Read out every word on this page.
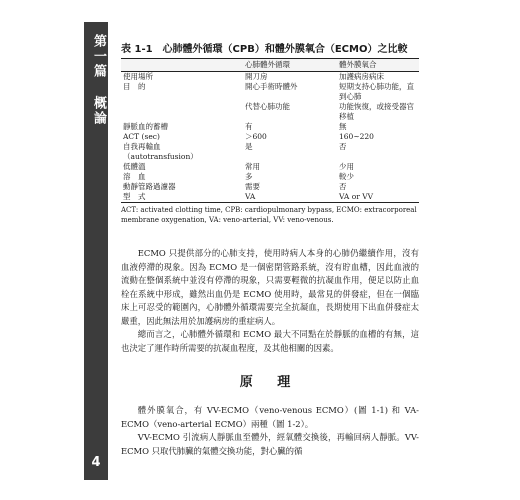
第一篇 概論
4
表 1-1　心肺體外循環（CPB）和體外膜氧合（ECMO）之比較
	心肺體外循環	體外膜氧合
使用場所	開刀房	加護病房病床
目　的	開心手術時體外	短期支持心肺功能，直到心肺
	代替心肺功能	功能恢復，或接受器官移植
靜脈血的蓄槽	有	無
ACT (sec)	＞600	160~220
自我再輸血	是	否
（autotransfusion）		
低體溫	常用	少用
溶　血	多	較少
動靜管路過濾器	需要	否
型　式	VA	VA or VV
ACT: activated clotting time, CPB: cardiopulmonary bypass, ECMO: extracorporeal membrane oxygenation, VA: veno-arterial, VV: veno-venous.

ECMO 只提供部分的心肺支持，使用時病人本身的心肺仍繼續作用，沒有血液停滯的現象。因為 ECMO 是一個密閉管路系統，沒有貯血槽，因此血液的流動在整個系統中並沒有停滯的現象，只需要輕微的抗凝血作用，便足以防止血栓在系統中形成，雖然出血仍是 ECMO 使用時，最常見的併發症，但在一個臨床上可忍受的範圍內，心肺體外循環需要完全抗凝血，長期使用下出血併發症太嚴重，因此無法用於加護病房的重症病人。

總而言之，心肺體外循環和 ECMO 最大不同點在於靜脈的血槽的有無，這也決定了運作時所需要的抗凝血程度，及其他相關的因素。

原 理

體外膜氧合，有 VV-ECMO（veno-venous ECMO）(圖 1-1) 和 VA-ECMO（veno-arterial ECMO）兩種（圖 1-2）。

VV-ECMO 引流病人靜脈血至體外，經氧體交換後，再輸回病人靜脈。VV-ECMO 只取代肺臟的氣體交換功能，對心臟的循
